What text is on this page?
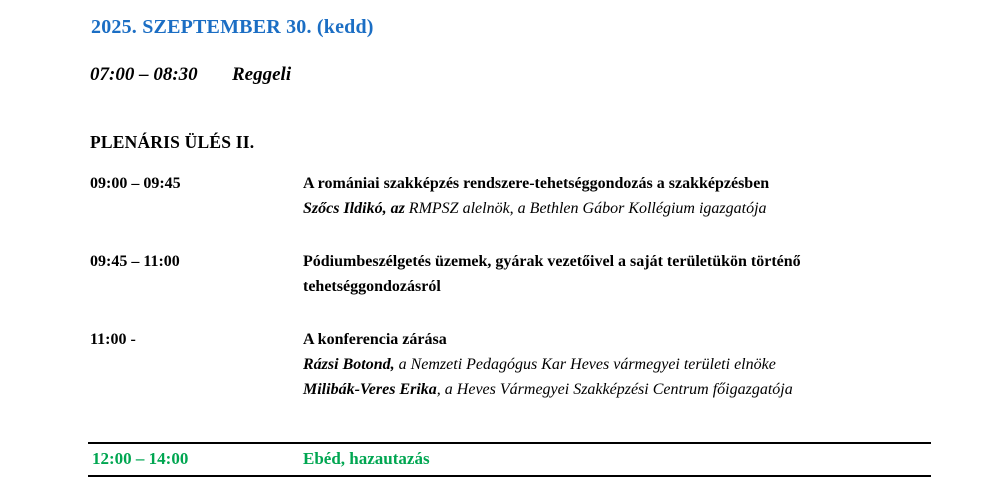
2025. SZEPTEMBER 30. (kedd)
07:00 – 08:30	Reggeli
PLENÁRIS ÜLÉS II.
09:00 – 09:45	A romániai szakképzés rendszere-tehetséggondozás a szakképzésben
Szőcs Ildikó, az RMPSZ alelnök, a Bethlen Gábor Kollégium igazgatója
09:45 – 11:00	Pódiumbeszélgetés üzemek, gyárak vezetőivel a saját területükön történő
tehetséggondozásról
11:00 -	A konferencia zárása
Rázsi Botond, a Nemzeti Pedagógus Kar Heves vármegyei területi elnöke
Milibák-Veres Erika, a Heves Vármegyei Szakképzési Centrum főigazgatója
12:00 – 14:00	Ebéd, hazautazás
